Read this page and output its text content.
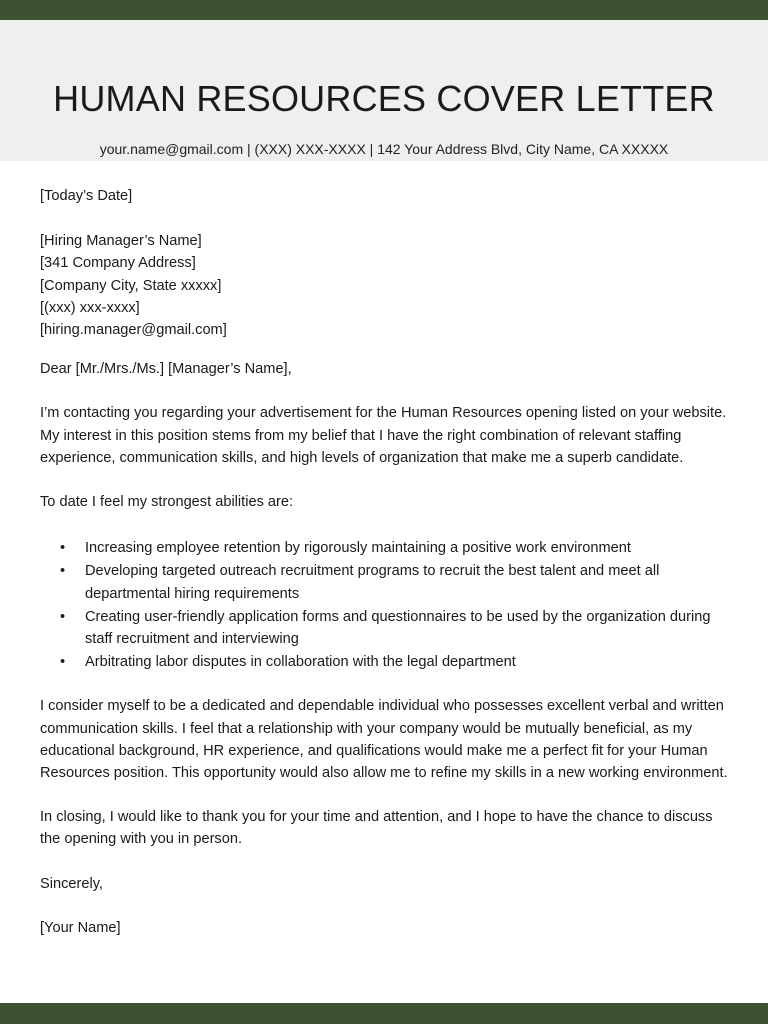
HUMAN RESOURCES COVER LETTER
your.name@gmail.com | (XXX) XXX-XXXX | 142 Your Address Blvd, City Name, CA XXXXX

[Today’s Date]

[Hiring Manager’s Name]

[341 Company Address]

[Company City, State xxxxx]

[(xxx) xxx-xxxx]

[hiring.manager@gmail.com]

Dear [Mr./Mrs./Ms.] [Manager’s Name],

I’m contacting you regarding your advertisement for the Human Resources opening listed on your website. My interest in this position stems from my belief that I have the right combination of relevant staffing experience, communication skills, and high levels of organization that make me a superb candidate.

To date I feel my strongest abilities are:

• Increasing employee retention by rigorously maintaining a positive work environment
• Developing targeted outreach recruitment programs to recruit the best talent and meet all departmental hiring requirements
• Creating user-friendly application forms and questionnaires to be used by the organization during staff recruitment and interviewing
• Arbitrating labor disputes in collaboration with the legal department

I consider myself to be a dedicated and dependable individual who possesses excellent verbal and written communication skills. I feel that a relationship with your company would be mutually beneficial, as my educational background, HR experience, and qualifications would make me a perfect fit for your Human Resources position. This opportunity would also allow me to refine my skills in a new working environment.

In closing, I would like to thank you for your time and attention, and I hope to have the chance to discuss the opening with you in person.

Sincerely,

[Your Name]
